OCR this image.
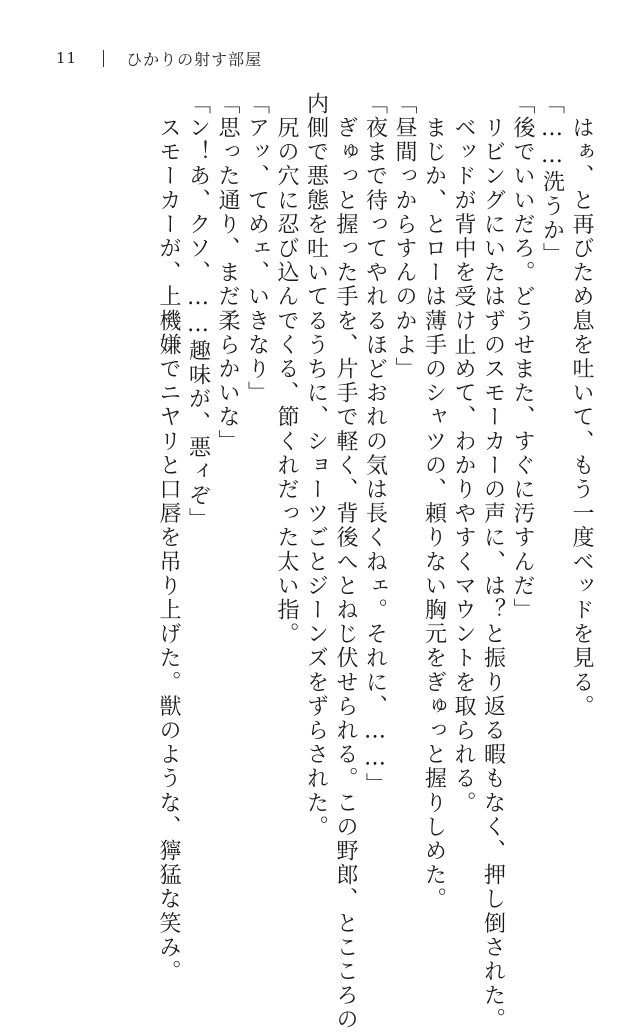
11	ひかりの射す部屋
　はぁ、と再びため息を吐いて、もう一度ベッドを見る。
「……洗うか」
「後でいいだろ。どうせまた、すぐに汚すんだ」
　リビングにいたはずのスモーカーの声に、は？と振り返る暇もなく、押し倒された。
　ベッドが背中を受け止めて、わかりやすくマウントを取られる。
　まじか、とローは薄手のシャツの、頼りない胸元をぎゅっと握りしめた。
「昼間っからすんのかよ」
「夜まで待ってやれるほどおれの気は長くねェ。それに、……」
　ぎゅっと握った手を、片手で軽く、背後へとねじ伏せられる。この野郎、とこころの
内側で悪態を吐いてるうちに、ショーツごとジーンズをずらされた。
　尻の穴に忍び込んでくる、節くれだった太い指。
「アッ、てめェ、いきなり」
「思った通り、まだ柔らかいな」
「ン！あ、クソ、……趣味が、悪ィぞ」
　スモーカーが、上機嫌でニヤリと口唇を吊り上げた。獣のような、獰猛な笑み。
